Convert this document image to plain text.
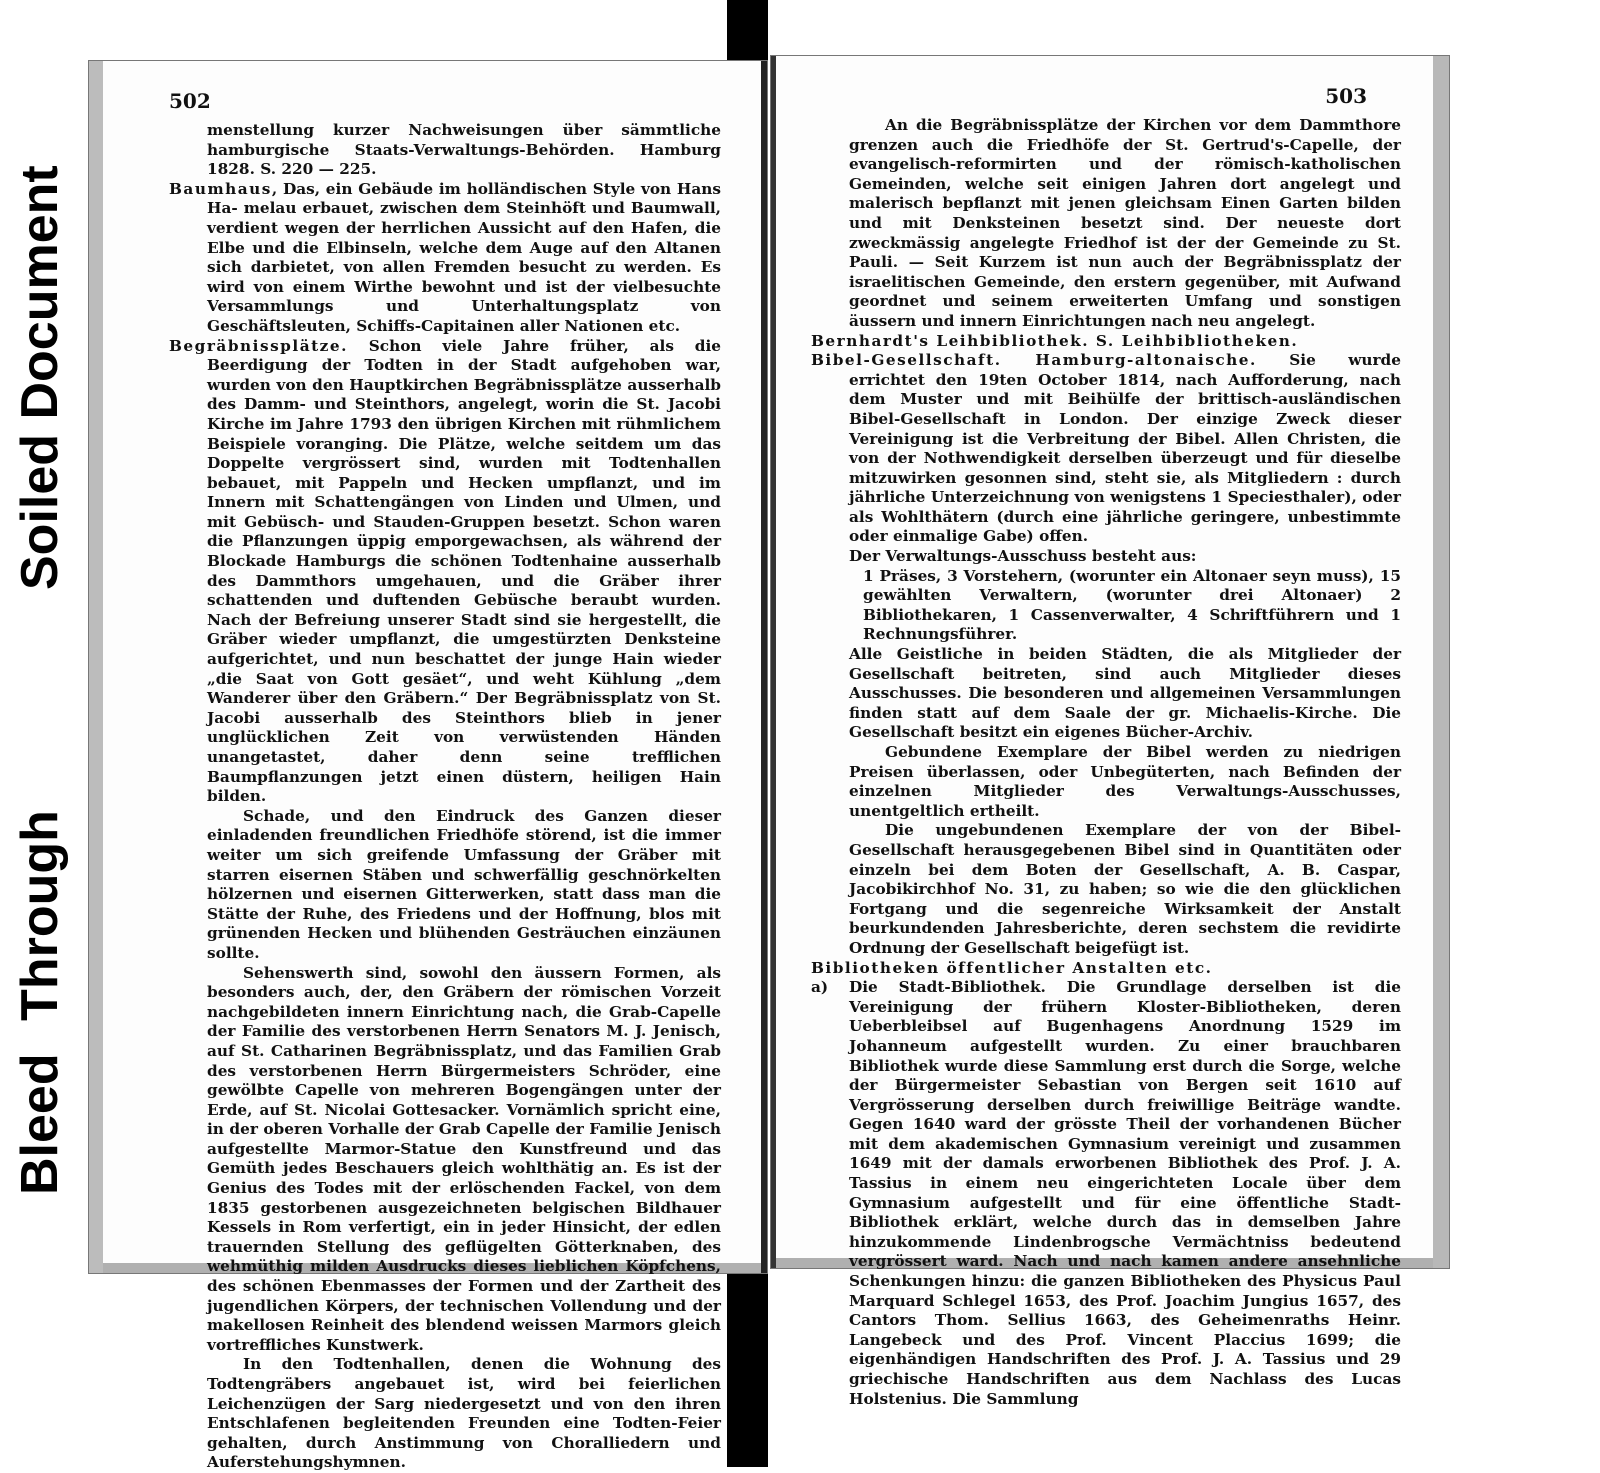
Soiled Document
Bleed Through
502

menstellung kurzer Nachweisungen über sämmtliche hamburgische Staats-Verwaltungs-Behörden. Hamburg 1828. S. 220 — 225.

Baumhaus, Das, ein Gebäude im holländischen Style von Hans Ha- melau erbauet, zwischen dem Steinhöft und Baumwall, verdient wegen der herrlichen Aussicht auf den Hafen, die Elbe und die Elbinseln, welche dem Auge auf den Altanen sich darbietet, von allen Fremden besucht zu werden. Es wird von einem Wirthe bewohnt und ist der vielbesuchte Versammlungs und Unterhaltungsplatz von Geschäftsleuten, Schiffs-Capitainen aller Nationen etc.

Begräbnissplätze. Schon viele Jahre früher, als die Beerdigung der Todten in der Stadt aufgehoben war, wurden von den Hauptkirchen Begräbnissplätze ausserhalb des Damm- und Steinthors, angelegt, worin die St. Jacobi Kirche im Jahre 1793 den übrigen Kirchen mit rühmlichem Beispiele voranging. Die Plätze, welche seitdem um das Doppelte vergrössert sind, wurden mit Todtenhallen bebauet, mit Pappeln und Hecken umpflanzt, und im Innern mit Schattengängen von Linden und Ulmen, und mit Gebüsch- und Stauden-Gruppen besetzt. Schon waren die Pflanzungen üppig emporgewachsen, als während der Blockade Hamburgs die schönen Todtenhaine ausserhalb des Dammthors umgehauen, und die Gräber ihrer schattenden und duftenden Gebüsche beraubt wurden. Nach der Befreiung unserer Stadt sind sie hergestellt, die Gräber wieder umpflanzt, die umgestürzten Denksteine aufgerichtet, und nun beschattet der junge Hain wieder „die Saat von Gott gesäet“, und weht Kühlung „dem Wanderer über den Gräbern.“ Der Begräbnissplatz von St. Jacobi ausserhalb des Steinthors blieb in jener unglücklichen Zeit von verwüstenden Händen unangetastet, daher denn seine trefflichen Baumpflanzungen jetzt einen düstern, heiligen Hain bilden.

Schade, und den Eindruck des Ganzen dieser einladenden freundlichen Friedhöfe störend, ist die immer weiter um sich greifende Umfassung der Gräber mit starren eisernen Stäben und schwerfällig geschnörkelten hölzernen und eisernen Gitterwerken, statt dass man die Stätte der Ruhe, des Friedens und der Hoffnung, blos mit grünenden Hecken und blühenden Gesträuchen einzäunen sollte.

Sehenswerth sind, sowohl den äussern Formen, als besonders auch, der, den Gräbern der römischen Vorzeit nachgebildeten innern Einrichtung nach, die Grab-Capelle der Familie des verstorbenen Herrn Senators M. J. Jenisch, auf St. Catharinen Begräbnissplatz, und das Familien Grab des verstorbenen Herrn Bürgermeisters Schröder, eine gewölbte Capelle von mehreren Bogengängen unter der Erde, auf St. Nicolai Gottesacker. Vornämlich spricht eine, in der oberen Vorhalle der Grab Capelle der Familie Jenisch aufgestellte Marmor-Statue den Kunstfreund und das Gemüth jedes Beschauers gleich wohlthätig an. Es ist der Genius des Todes mit der erlöschenden Fackel, von dem 1835 gestorbenen ausgezeichneten belgischen Bildhauer Kessels in Rom verfertigt, ein in jeder Hinsicht, der edlen trauernden Stellung des geflügelten Götterknaben, des wehmüthig milden Ausdrucks dieses lieblichen Köpfchens, des schönen Ebenmasses der Formen und der Zartheit des jugendlichen Körpers, der technischen Vollendung und der makellosen Reinheit des blendend weissen Marmors gleich vortreffliches Kunstwerk.

In den Todtenhallen, denen die Wohnung des Todtengräbers angebauet ist, wird bei feierlichen Leichenzügen der Sarg niedergesetzt und von den ihren Entschlafenen begleitenden Freunden eine Todten-Feier gehalten, durch Anstimmung von Choralliedern und Auferstehungshymnen.

503

An die Begräbnissplätze der Kirchen vor dem Dammthore grenzen auch die Friedhöfe der St. Gertrud's-Capelle, der evangelisch-reformirten und der römisch-katholischen Gemeinden, welche seit einigen Jahren dort angelegt und malerisch bepflanzt mit jenen gleichsam Einen Garten bilden und mit Denksteinen besetzt sind. Der neueste dort zweckmässig angelegte Friedhof ist der der Gemeinde zu St. Pauli. — Seit Kurzem ist nun auch der Begräbnissplatz der israelitischen Gemeinde, den erstern gegenüber, mit Aufwand geordnet und seinem erweiterten Umfang und sonstigen äussern und innern Einrichtungen nach neu angelegt.

Bernhardt's Leihbibliothek. S. Leihbibliotheken.

Bibel-Gesellschaft. Hamburg-altonaische. Sie wurde errichtet den 19ten October 1814, nach Aufforderung, nach dem Muster und mit Beihülfe der brittisch-ausländischen Bibel-Gesellschaft in London. Der einzige Zweck dieser Vereinigung ist die Verbreitung der Bibel. Allen Christen, die von der Nothwendigkeit derselben überzeugt und für dieselbe mitzuwirken gesonnen sind, steht sie, als Mitgliedern : durch jährliche Unterzeichnung von wenigstens 1 Speciesthaler), oder als Wohlthätern (durch eine jährliche geringere, unbestimmte oder einmalige Gabe) offen.

Der Verwaltungs-Ausschuss besteht aus:

1 Präses, 3 Vorstehern, (worunter ein Altonaer seyn muss), 15 gewählten Verwaltern, (worunter drei Altonaer) 2 Bibliothekaren, 1 Cassenverwalter, 4 Schriftführern und 1 Rechnungsführer.

Alle Geistliche in beiden Städten, die als Mitglieder der Gesellschaft beitreten, sind auch Mitglieder dieses Ausschusses. Die besonderen und allgemeinen Versammlungen finden statt auf dem Saale der gr. Michaelis-Kirche. Die Gesellschaft besitzt ein eigenes Bücher-Archiv.

Gebundene Exemplare der Bibel werden zu niedrigen Preisen überlassen, oder Unbegüterten, nach Befinden der einzelnen Mitglieder des Verwaltungs-Ausschusses, unentgeltlich ertheilt.

Die ungebundenen Exemplare der von der Bibel-Gesellschaft herausgegebenen Bibel sind in Quantitäten oder einzeln bei dem Boten der Gesellschaft, A. B. Caspar, Jacobikirchhof No. 31, zu haben; so wie die den glücklichen Fortgang und die segenreiche Wirksamkeit der Anstalt beurkundenden Jahresberichte, deren sechstem die revidirte Ordnung der Gesellschaft beigefügt ist.

Bibliotheken öffentlicher Anstalten etc.

a) Die Stadt-Bibliothek. Die Grundlage derselben ist die Vereinigung der frühern Kloster-Bibliotheken, deren Ueberbleibsel auf Bugenhagens Anordnung 1529 im Johanneum aufgestellt wurden. Zu einer brauchbaren Bibliothek wurde diese Sammlung erst durch die Sorge, welche der Bürgermeister Sebastian von Bergen seit 1610 auf Vergrösserung derselben durch freiwillige Beiträge wandte. Gegen 1640 ward der grösste Theil der vorhandenen Bücher mit dem akademischen Gymnasium vereinigt und zusammen 1649 mit der damals erworbenen Bibliothek des Prof. J. A. Tassius in einem neu eingerichteten Locale über dem Gymnasium aufgestellt und für eine öffentliche Stadt-Bibliothek erklärt, welche durch das in demselben Jahre hinzukommende Lindenbrogsche Vermächtniss bedeutend vergrössert ward. Nach und nach kamen andere ansehnliche Schenkungen hinzu: die ganzen Bibliotheken des Physicus Paul Marquard Schlegel 1653, des Prof. Joachim Jungius 1657, des Cantors Thom. Sellius 1663, des Geheimenraths Heinr. Langebeck und des Prof. Vincent Placcius 1699; die eigenhändigen Handschriften des Prof. J. A. Tassius und 29 griechische Handschriften aus dem Nachlass des Lucas Holstenius. Die Sammlung
